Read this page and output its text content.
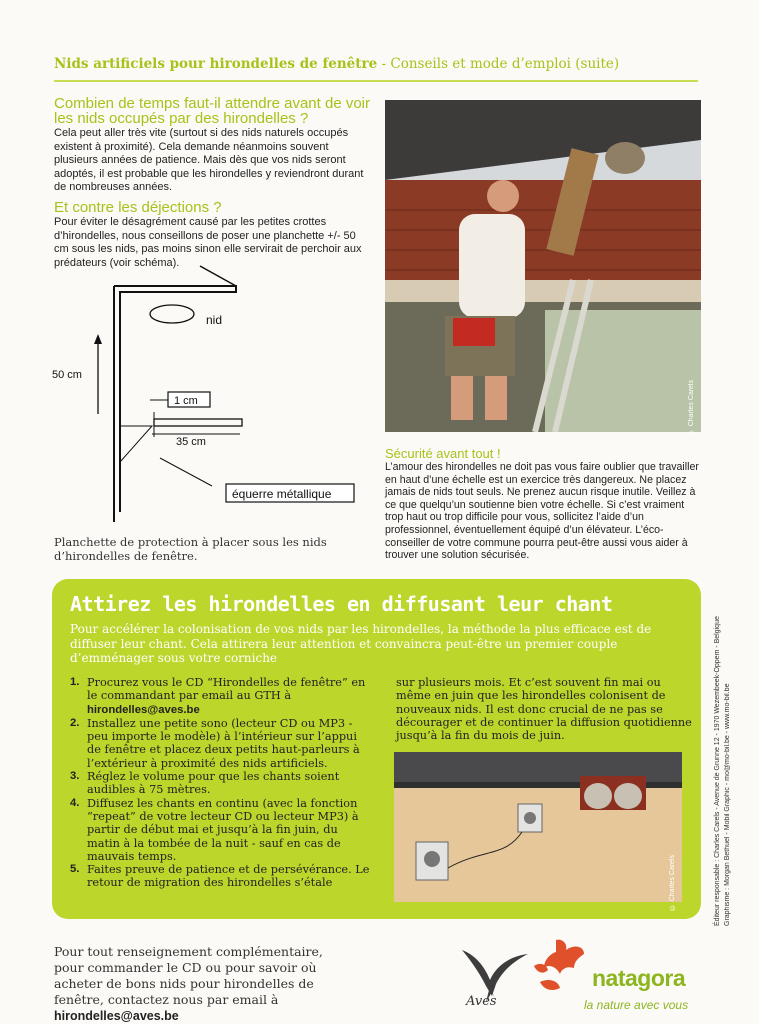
Nids artificiels pour hirondelles de fenêtre - Conseils et mode d’emploi (suite)
Combien de temps faut-il attendre avant de voir les nids occupés par des hirondelles ?

Cela peut aller très vite (surtout si des nids naturels occupés existent à proximité). Cela demande néanmoins souvent plusieurs années de patience. Mais dès que vos nids seront adoptés, il est probable que les hirondelles y reviendront durant de nombreuses années.

Et contre les déjections ?

Pour éviter le désagrément causé par les petites crottes d’hirondelles, nous conseillons de poser une planchette +/- 50 cm sous les nids, pas moins sinon elle servirait de perchoir aux prédateurs (voir schéma).

nid
50 cm
1 cm
35 cm
équerre métallique
Planchette de protection à placer sous les nids d’hirondelles de fenêtre.
© Charles Carels
Sécurité avant tout !

L’amour des hirondelles ne doit pas vous faire oublier que travailler en haut d’une échelle est un exercice très dangereux. Ne placez jamais de nids tout seuls. Ne prenez aucun risque inutile. Veillez à ce que quelqu’un soutienne bien votre échelle. Si c’est vraiment trop haut ou trop difficile pour vous, sollicitez l’aide d’un professionnel, éventuellement équipé d’un élévateur. L’éco-conseiller de votre commune pourra peut-être aussi vous aider à trouver une solution sécurisée.

Attirez les hirondelles en diffusant leur chant
Pour accélérer la colonisation de vos nids par les hirondelles, la méthode la plus efficace est de diffuser leur chant. Cela attirera leur attention et convaincra peut-être un premier couple d’emménager sous votre corniche
1. Procurez vous le CD “Hirondelles de fenêtre” en le commandant par email au GTH à hirondelles@aves.be
2. Installez une petite sono (lecteur CD ou MP3 - peu importe le modèle) à l’intérieur sur l’appui de fenêtre et placez deux petits haut-parleurs à l’extérieur à proximité des nids artificiels.
3. Réglez le volume pour que les chants soient audibles à 75 mètres.
4. Diffusez les chants en continu (avec la fonction “repeat” de votre lecteur CD ou lecteur MP3) à partir de début mai et jusqu’à la fin juin, du matin à la tombée de la nuit - sauf en cas de mauvais temps.
5. Faites preuve de patience et de persévérance. Le retour de migration des hirondelles s’étale
sur plusieurs mois. Et c’est souvent fin mai ou même en juin que les hirondelles colonisent de nouveaux nids. Il est donc crucial de ne pas se décourager et de continuer la diffusion quotidienne jusqu’à la fin du mois de juin.
© Charles Carels
Pour tout renseignement complémentaire, pour commander le CD ou pour savoir où acheter de bons nids pour hirondelles de fenêtre, contactez nous par email à hirondelles@aves.be
Aves
natagora
la nature avec vous
Éditeur responsable : Charles Carels - Avenue de Grunne 12 - 1970 Wezembeek-Oppem - Belgique Graphisme : Morgan Bethuel - Mobil Graphic - mo@mo-bil.be - www.mo-bil.be
